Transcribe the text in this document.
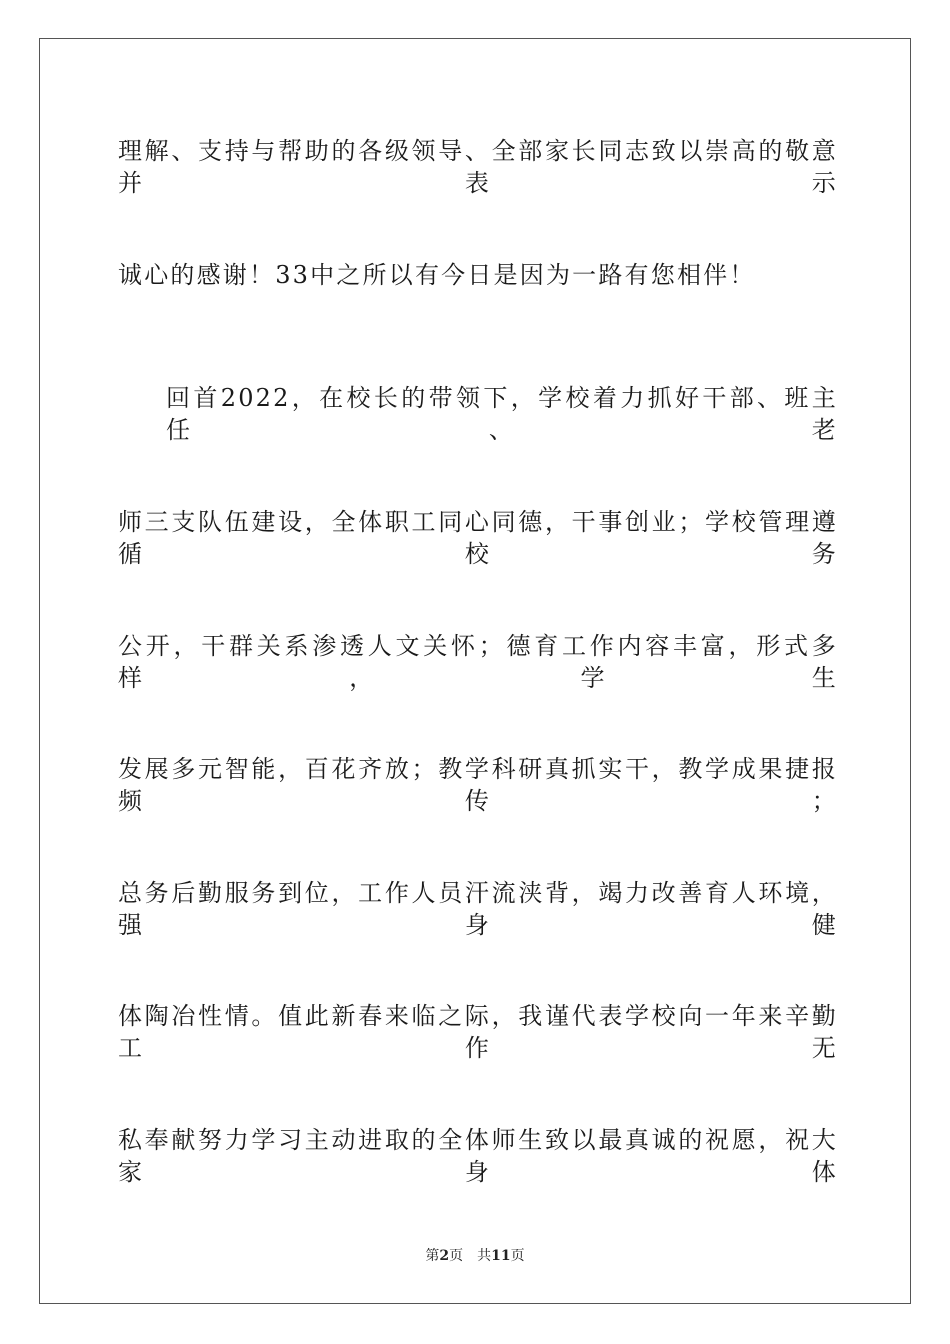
理解、支持与帮助的各级领导、全部家长同志致以崇高的敬意并表示
诚心的感谢！33中之所以有今日是因为一路有您相伴！
回首2022，在校长的带领下，学校着力抓好干部、班主任、老
师三支队伍建设，全体职工同心同德，干事创业；学校管理遵循校务
公开，干群关系渗透人文关怀；德育工作内容丰富，形式多样，学生
发展多元智能，百花齐放；教学科研真抓实干，教学成果捷报频传；
总务后勤服务到位，工作人员汗流浃背，竭力改善育人环境，强身健
体陶冶性情。值此新春来临之际，我谨代表学校向一年来辛勤工作无
私奉献努力学习主动进取的全体师生致以最真诚的祝愿，祝大家身体
第2页 共11页
